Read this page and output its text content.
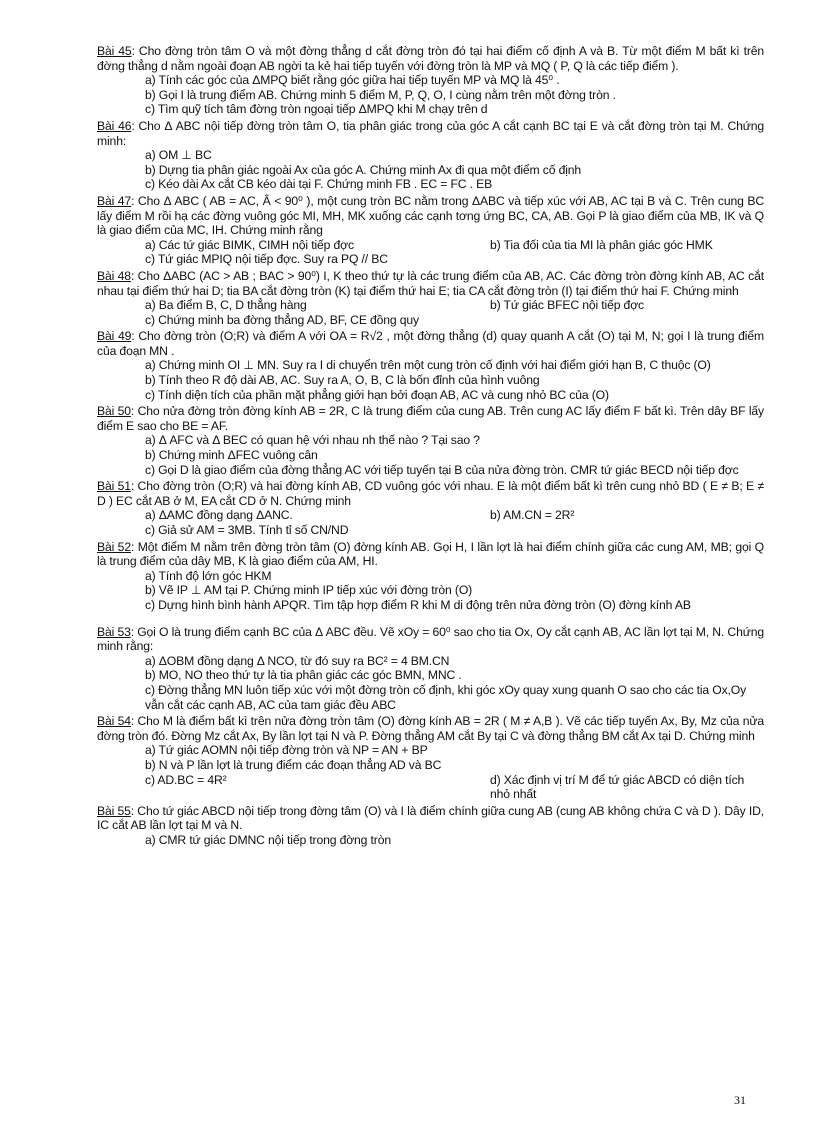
Bài 45: Cho đờng tròn tâm O và một đờng thẳng d cắt đờng tròn đó tại hai điểm cố định A và B. Từ một điểm M bất kì trên đờng thẳng d nằm ngoài đoạn AB ngời ta kẻ hai tiếp tuyến với đờng tròn là MP và MQ ( P, Q là các tiếp điểm ).

a) Tính các góc của ΔMPQ biết rằng góc giữa hai tiếp tuyến MP và MQ là 45⁰ .

b) Gọi I là trung điểm AB. Chứng minh 5 điểm M, P, Q, O, I cùng nằm trên một đờng tròn .

c) Tìm quỹ tích tâm đờng tròn ngoại tiếp ΔMPQ khi M chạy trên d

Bài 46: Cho Δ ABC nội tiếp đờng tròn tâm O, tia phân giác trong của góc A cắt cạnh BC tại E và cắt đờng tròn tại M. Chứng minh:

a) OM ⊥ BC

b) Dựng tia phân giác ngoài Ax của góc A. Chứng minh Ax đi qua một điểm cố định

c) Kéo dài Ax cắt CB kéo dài tại F. Chứng minh FB . EC = FC . EB

Bài 47: Cho Δ ABC ( AB = AC, Â < 90⁰ ), một cung tròn BC nằm trong ΔABC và tiếp xúc với AB, AC tại B và C. Trên cung BC lấy điểm M rồi hạ các đờng vuông góc MI, MH, MK xuống các cạnh tơng ứng BC, CA, AB. Gọi P là giao điểm của MB, IK và Q là giao điểm của MC, IH. Chứng minh rằng

a) Các tứ giác BIMK, CIMH nội tiếp đợc	b) Tia đối của tia MI là phân giác góc HMK
c) Tứ giác MPIQ nội tiếp đợc. Suy ra PQ // BC

Bài 48: Cho ΔABC (AC > AB ; BAC > 90⁰) I, K theo thứ tự là các trung điểm của AB, AC. Các đờng tròn đờng kính AB, AC cắt nhau tại điểm thứ hai D; tia BA cắt đờng tròn (K) tại điểm thứ hai E; tia CA cắt đờng tròn (I) tại điểm thứ hai F. Chứng minh

a) Ba điểm B, C, D thẳng hàng	b) Tứ giác BFEC nội tiếp đợc
c) Chứng minh ba đờng thẳng AD, BF, CE đồng quy

Bài 49: Cho đờng tròn (O;R) và điểm A với OA = R√2 , một đờng thẳng (d) quay quanh A cắt (O) tại M, N; gọi I là trung điểm của đoạn MN .

a) Chứng minh OI ⊥ MN. Suy ra I di chuyển trên một cung tròn cố định với hai điểm giới hạn B, C thuộc (O)

b) Tính theo R độ dài AB, AC. Suy ra A, O, B, C là bốn đỉnh của hình vuông

c) Tính diện tích của phần mặt phẳng giới hạn bởi đoạn AB, AC và cung nhỏ BC của (O)

Bài 50: Cho nửa đờng tròn đờng kính AB = 2R, C là trung điểm của cung AB. Trên cung AC lấy điểm F bất kì. Trên dây BF lấy điểm E sao cho BE = AF.

a) Δ AFC và Δ BEC có quan hệ với nhau nh thế nào ? Tại sao ?

b) Chứng minh ΔFEC vuông cân

c) Gọi D là giao điểm của đờng thẳng AC với tiếp tuyến tại B của nửa đờng tròn. CMR tứ giác BECD nội tiếp đợc

Bài 51: Cho đờng tròn (O;R) và hai đờng kính AB, CD vuông góc với nhau. E là một điểm bất kì trên cung nhỏ BD ( E ≠ B; E ≠ D ) EC cắt AB ở M, EA cắt CD ở N. Chứng minh

a) ΔAMC đồng dạng ΔANC.	b) AM.CN = 2R²
c) Giả sử AM = 3MB. Tính tỉ số CN/ND

Bài 52: Một điểm M nằm trên đờng tròn tâm (O) đờng kính AB. Gọi H, I lần lợt là hai điểm chính giữa các cung AM, MB; gọi Q là trung điểm của dây MB, K là giao điểm của AM, HI.

a) Tính độ lớn góc HKM

b) Vẽ IP ⊥ AM tại P. Chứng minh IP tiếp xúc với đờng tròn (O)

c) Dựng hình bình hành APQR. Tìm tập hợp điểm R khi M di động trên nửa đờng tròn (O) đờng kính AB

Bài 53: Gọi O là trung điểm cạnh BC của Δ ABC đều. Vẽ xOy = 60⁰ sao cho tia Ox, Oy cắt cạnh AB, AC lần lợt tại M, N. Chứng minh rằng:

a) ΔOBM đồng dạng Δ NCO, từ đó suy ra BC² = 4 BM.CN

b) MO, NO theo thứ tự là tia phân giác các góc BMN, MNC .

c) Đờng thẳng MN luôn tiếp xúc với một đờng tròn cố định, khi góc xOy quay xung quanh O sao cho các tia Ox,Oy vẫn cắt các cạnh AB, AC của tam giác đều ABC

Bài 54: Cho M là điểm bất kì trên nửa đờng tròn tâm (O) đờng kính AB = 2R ( M ≠ A,B ). Vẽ các tiếp tuyến Ax, By, Mz của nửa đờng tròn đó. Đờng Mz cắt Ax, By lần lợt tại N và P. Đờng thẳng AM cắt By tại C và đờng thẳng BM cắt Ax tại D. Chứng minh

a) Tứ giác AOMN nội tiếp đờng tròn và NP = AN + BP

b) N và P lần lợt là trung điểm các đoạn thẳng AD và BC

c) AD.BC = 4R²	d) Xác định vị trí M để tứ giác ABCD có diện tích nhỏ nhất

Bài 55: Cho tứ giác ABCD nội tiếp trong đờng tâm (O) và I là điểm chính giữa cung AB (cung AB không chứa C và D ). Dây ID, IC cắt AB lần lợt tại M và N.

a) CMR tứ giác DMNC nội tiếp trong đờng tròn

31
